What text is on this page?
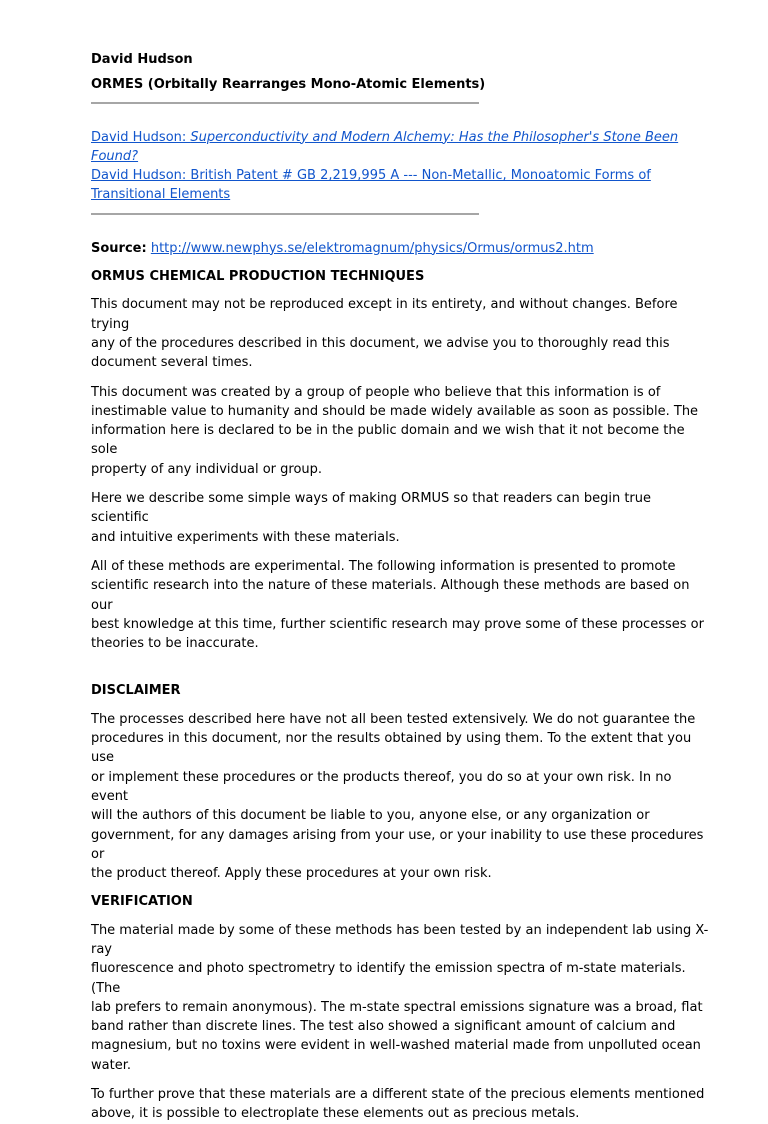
David Hudson

ORMES (Orbitally Rearranges Mono-Atomic Elements)

David Hudson: Superconductivity and Modern Alchemy: Has the Philosopher's Stone Been

Found?

David Hudson: British Patent # GB 2,219,995 A --- Non-Metallic, Monoatomic Forms of

Transitional Elements

Source: http://www.newphys.se/elektromagnum/physics/Ormus/ormus2.htm

ORMUS CHEMICAL PRODUCTION TECHNIQUES

This document may not be reproduced except in its entirety, and without changes. Before trying
any of the procedures described in this document, we advise you to thoroughly read this
document several times.
This document was created by a group of people who believe that this information is of
inestimable value to humanity and should be made widely available as soon as possible. The
information here is declared to be in the public domain and we wish that it not become the sole
property of any individual or group.
Here we describe some simple ways of making ORMUS so that readers can begin true scientific
and intuitive experiments with these materials.
All of these methods are experimental. The following information is presented to promote
scientific research into the nature of these materials. Although these methods are based on our
best knowledge at this time, further scientific research may prove some of these processes or
theories to be inaccurate.

DISCLAIMER

The processes described here have not all been tested extensively. We do not guarantee the
procedures in this document, nor the results obtained by using them. To the extent that you use
or implement these procedures or the products thereof, you do so at your own risk. In no event
will the authors of this document be liable to you, anyone else, or any organization or
government, for any damages arising from your use, or your inability to use these procedures or
the product thereof. Apply these procedures at your own risk.

VERIFICATION

The material made by some of these methods has been tested by an independent lab using X-ray
fluorescence and photo spectrometry to identify the emission spectra of m-state materials. (The
lab prefers to remain anonymous). The m-state spectral emissions signature was a broad, flat
band rather than discrete lines. The test also showed a significant amount of calcium and
magnesium, but no toxins were evident in well-washed material made from unpolluted ocean
water.
To further prove that these materials are a different state of the precious elements mentioned
above, it is possible to electroplate these elements out as precious metals.
